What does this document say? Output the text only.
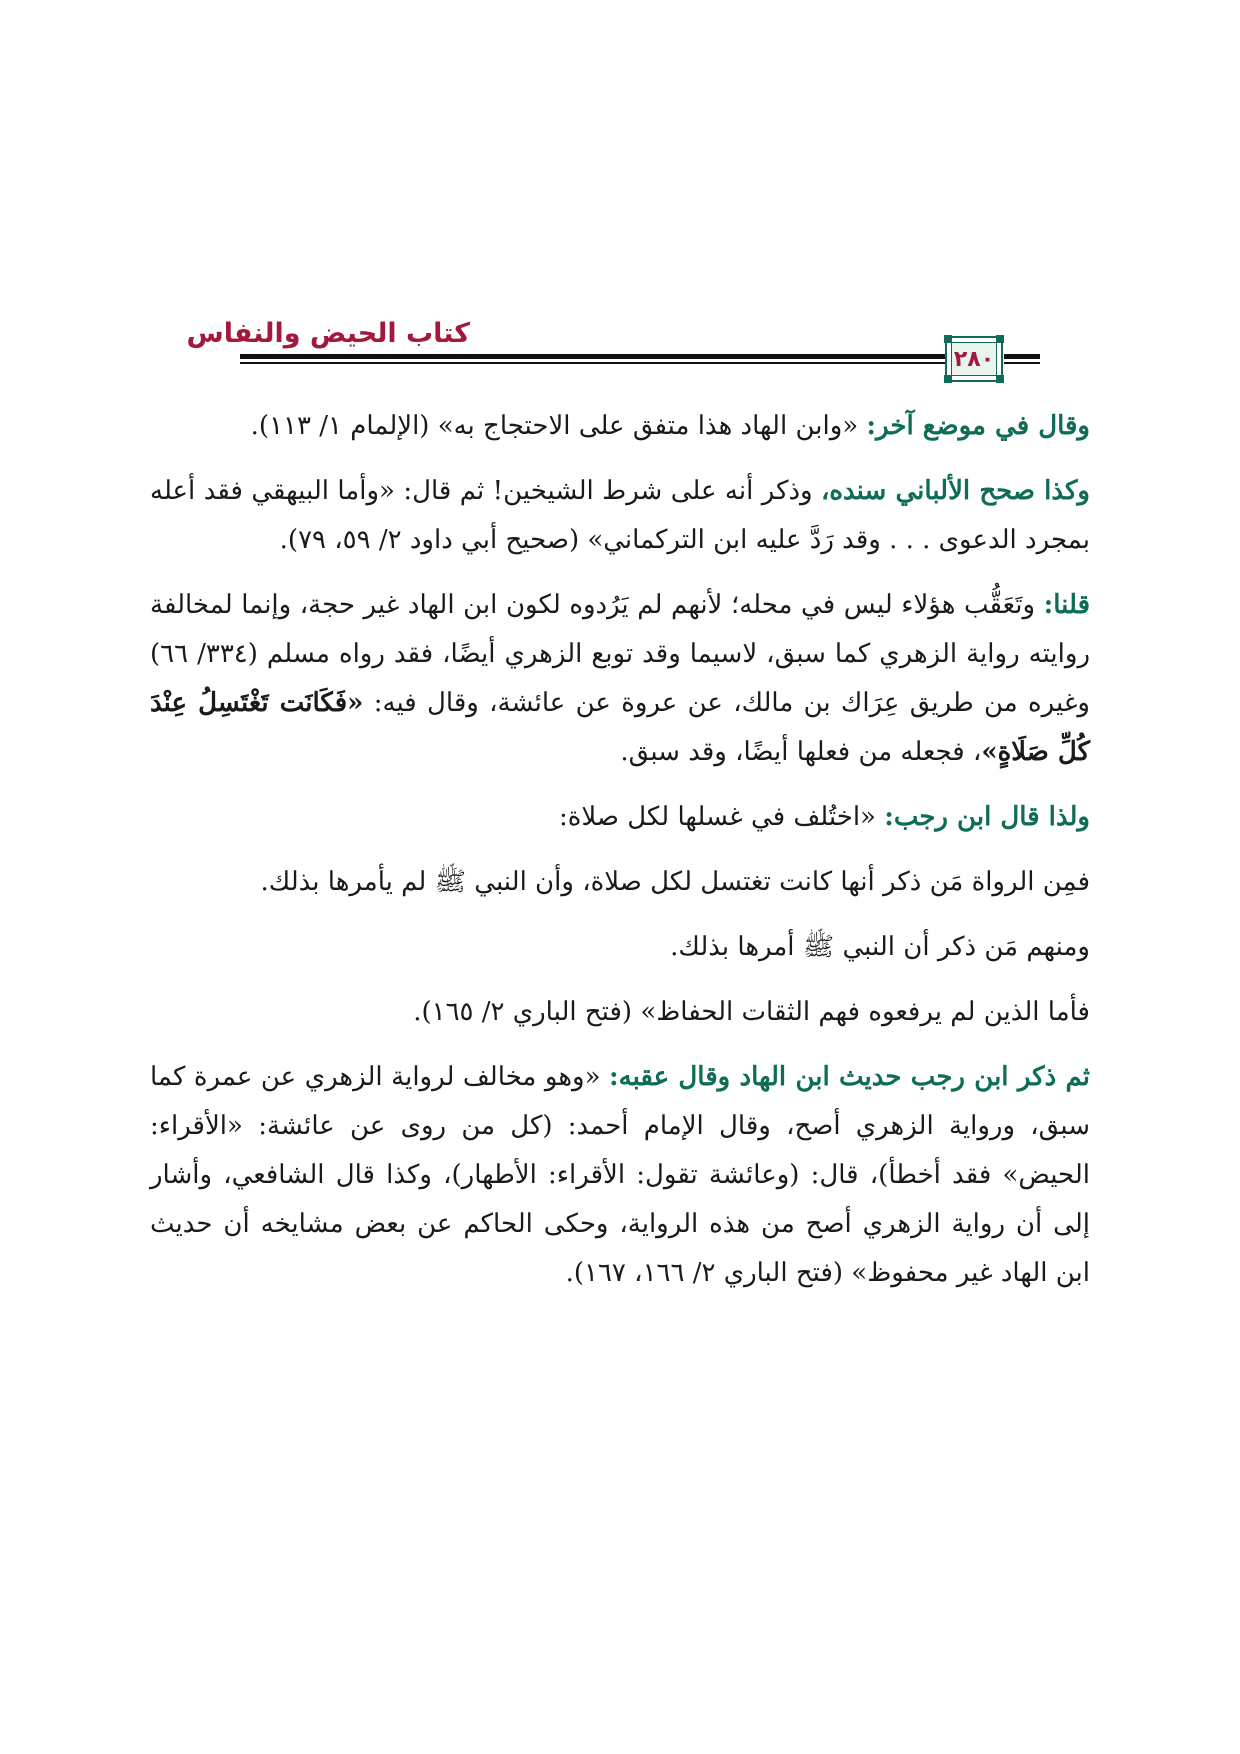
كتاب الحيض والنفاس
٢٨٠

وقال في موضع آخر: «وابن الهاد هذا متفق على الاحتجاج به» (الإلمام ١/ ١١٣).

وكذا صحح الألباني سنده، وذكر أنه على شرط الشيخين! ثم قال: «وأما البيهقي فقد أعله بمجرد الدعوى . . . وقد رَدَّ عليه ابن التركماني» (صحيح أبي داود ٢/ ٥٩، ٧٩).

قلنا: وتَعَقُّب هؤلاء ليس في محله؛ لأنهم لم يَرُدوه لكون ابن الهاد غير حجة، وإنما لمخالفة روايته رواية الزهري كما سبق، لاسيما وقد توبع الزهري أيضًا، فقد رواه مسلم (٣٣٤/ ٦٦) وغيره من طريق عِرَاك بن مالك، عن عروة عن عائشة، وقال فيه: «فَكَانَت تَغْتَسِلُ عِنْدَ كُلِّ صَلَاةٍ»، فجعله من فعلها أيضًا، وقد سبق.

ولذا قال ابن رجب: «اختُلف في غسلها لكل صلاة:

فمِن الرواة مَن ذكر أنها كانت تغتسل لكل صلاة، وأن النبي ﷺ لم يأمرها بذلك.

ومنهم مَن ذكر أن النبي ﷺ أمرها بذلك.

فأما الذين لم يرفعوه فهم الثقات الحفاظ» (فتح الباري ٢/ ١٦٥).

ثم ذكر ابن رجب حديث ابن الهاد وقال عقبه: «وهو مخالف لرواية الزهري عن عمرة كما سبق، ورواية الزهري أصح، وقال الإمام أحمد: (كل من روى عن عائشة: «الأقراء: الحيض» فقد أخطأ)، قال: (وعائشة تقول: الأقراء: الأطهار)، وكذا قال الشافعي، وأشار إلى أن رواية الزهري أصح من هذه الرواية، وحكى الحاكم عن بعض مشايخه أن حديث ابن الهاد غير محفوظ» (فتح الباري ٢/ ١٦٦، ١٦٧).
